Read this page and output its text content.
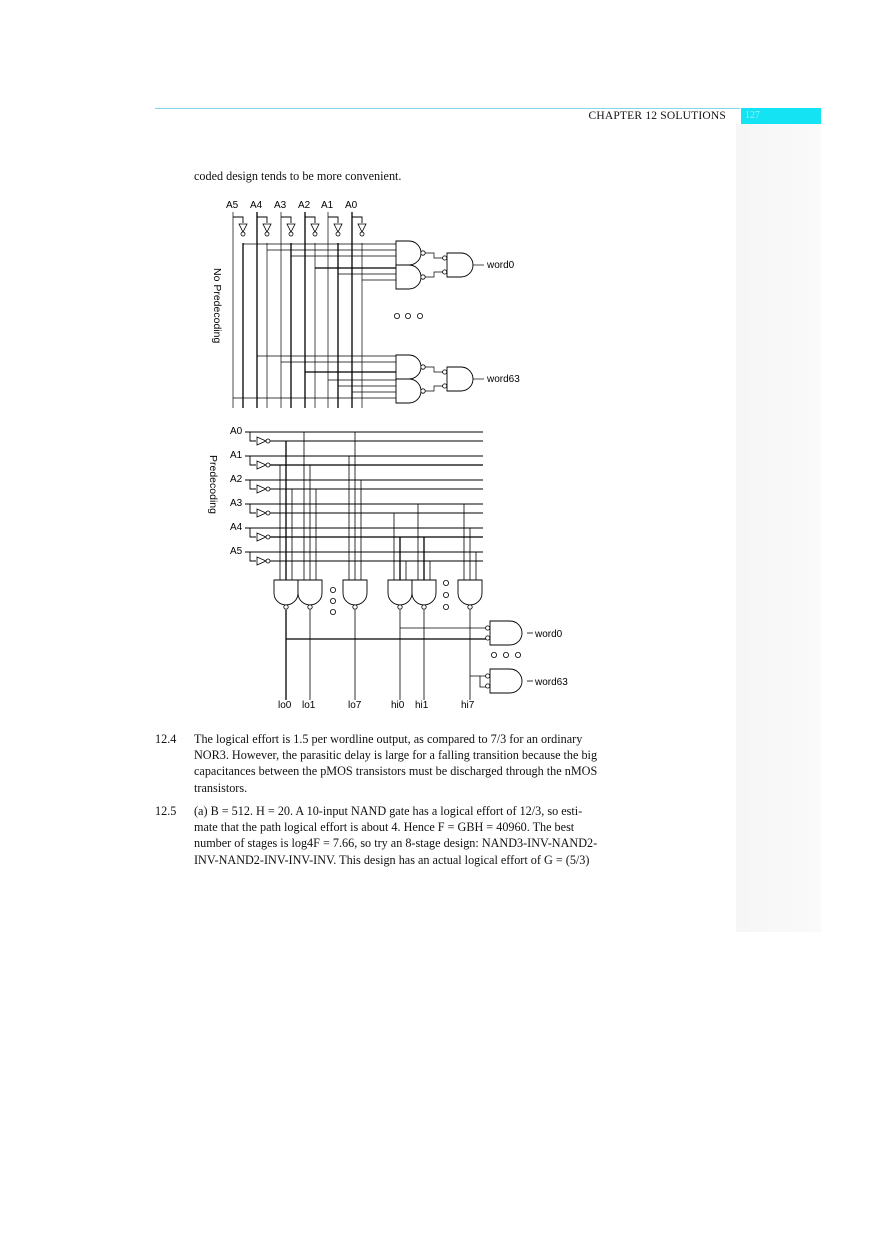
CHAPTER 12 SOLUTIONS	127
coded design tends to be more convenient.
No Predecoding
A5 A4 A3 A2 A1 A0
word0
word63
Predecoding
A0
A1
A2
A3
A4
A5
word0
word63
lo0 lo1	lo7	hi0 hi1	hi7
12.4	The logical effort is 1.5 per wordline output, as compared to 7/3 for an ordinary
NOR3. However, the parasitic delay is large for a falling transition because the big
capacitances between the pMOS transistors must be discharged through the nMOS
transistors.
12.5	(a) B = 512. H = 20. A 10-input NAND gate has a logical effort of 12/3, so esti-
mate that the path logical effort is about 4. Hence F = GBH = 40960. The best
number of stages is log4F = 7.66, so try an 8-stage design: NAND3-INV-NAND2-
INV-NAND2-INV-INV-INV. This design has an actual logical effort of G = (5/3)
